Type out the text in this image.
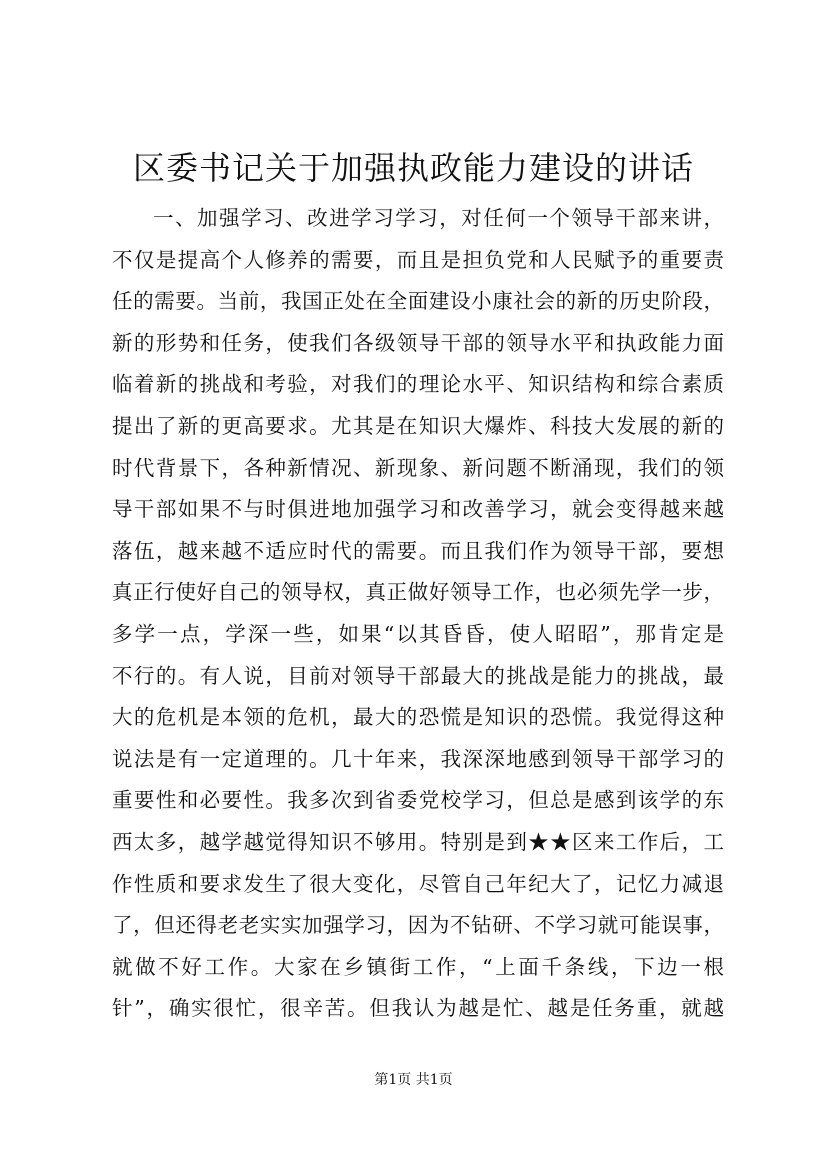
区委书记关于加强执政能力建设的讲话
一、加强学习、改进学习学习，对任何一个领导干部来讲，
不仅是提高个人修养的需要，而且是担负党和人民赋予的重要责
任的需要。当前，我国正处在全面建设小康社会的新的历史阶段，
新的形势和任务，使我们各级领导干部的领导水平和执政能力面
临着新的挑战和考验，对我们的理论水平、知识结构和综合素质
提出了新的更高要求。尤其是在知识大爆炸、科技大发展的新的
时代背景下，各种新情况、新现象、新问题不断涌现，我们的领
导干部如果不与时俱进地加强学习和改善学习，就会变得越来越
落伍，越来越不适应时代的需要。而且我们作为领导干部，要想
真正行使好自己的领导权，真正做好领导工作，也必须先学一步，
多学一点，学深一些，如果“以其昏昏，使人昭昭”，那肯定是
不行的。有人说，目前对领导干部最大的挑战是能力的挑战，最
大的危机是本领的危机，最大的恐慌是知识的恐慌。我觉得这种
说法是有一定道理的。几十年来，我深深地感到领导干部学习的
重要性和必要性。我多次到省委党校学习，但总是感到该学的东
西太多，越学越觉得知识不够用。特别是到★★区来工作后，工
作性质和要求发生了很大变化，尽管自己年纪大了，记忆力减退
了，但还得老老实实加强学习，因为不钻研、不学习就可能误事，
就做不好工作。大家在乡镇街工作，“上面千条线，下边一根
针”，确实很忙，很辛苦。但我认为越是忙、越是任务重，就越
第1页 共1页
